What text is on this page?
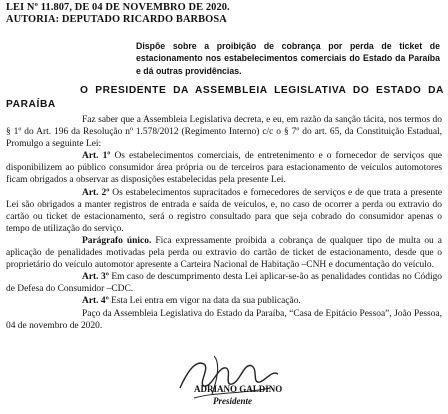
LEI Nº 11.807, DE 04 DE NOVEMBRO DE 2020.
AUTORIA: DEPUTADO RICARDO BARBOSA
Dispõe sobre a proibição de cobrança por perda de ticket de estacionamento nos estabelecimentos comerciais do Estado da Paraíba e dá outras providências.
O PRESIDENTE DA ASSEMBLEIA LEGISLATIVA DO ESTADO DA PARAÍBA

Faz saber que a Assembleia Legislativa decreta, e eu, em razão da sanção tácita, nos termos do § 1º do Art. 196 da Resolução nº 1.578/2012 (Regimento Interno) c/c o § 7º do art. 65, da Constituição Estadual, Promulgo a seguinte Lei:

Art. 1º Os estabelecimentos comerciais, de entretenimento e o fornecedor de serviços que disponibilizem ao público consumidor área própria ou de terceiros para estacionamento de veículos automotores ficam obrigados a observar as disposições estabelecidas pela presente Lei.

Art. 2º Os estabelecimentos supracitados e fornecedores de serviços e de que trata a presente Lei são obrigados a manter registros de entrada e saída de veículos, e, no caso de ocorrer a perda ou extravio do cartão ou ticket de estacionamento, será o registro consultado para que seja cobrado do consumidor apenas o tempo de utilização do serviço.

Parágrafo único. Fica expressamente proibida a cobrança de qualquer tipo de multa ou a aplicação de penalidades motivadas pela perda ou extravio do cartão de ticket de estacionamento, desde que o proprietário do veículo automotor apresente a Carteira Nacional de Habitação –CNH e documentação do veículo.

Art. 3º Em caso de descumprimento desta Lei aplicar-se-ão as penalidades contidas no Código de Defesa do Consumidor –CDC.

Art. 4º Esta Lei entra em vigor na data da sua publicação.

Paço da Assembleia Legislativa do Estado da Paraíba, “Casa de Epitácio Pessoa”, João Pessoa, 04 de novembro de 2020.

ADRIANO GALDINO
Presidente
